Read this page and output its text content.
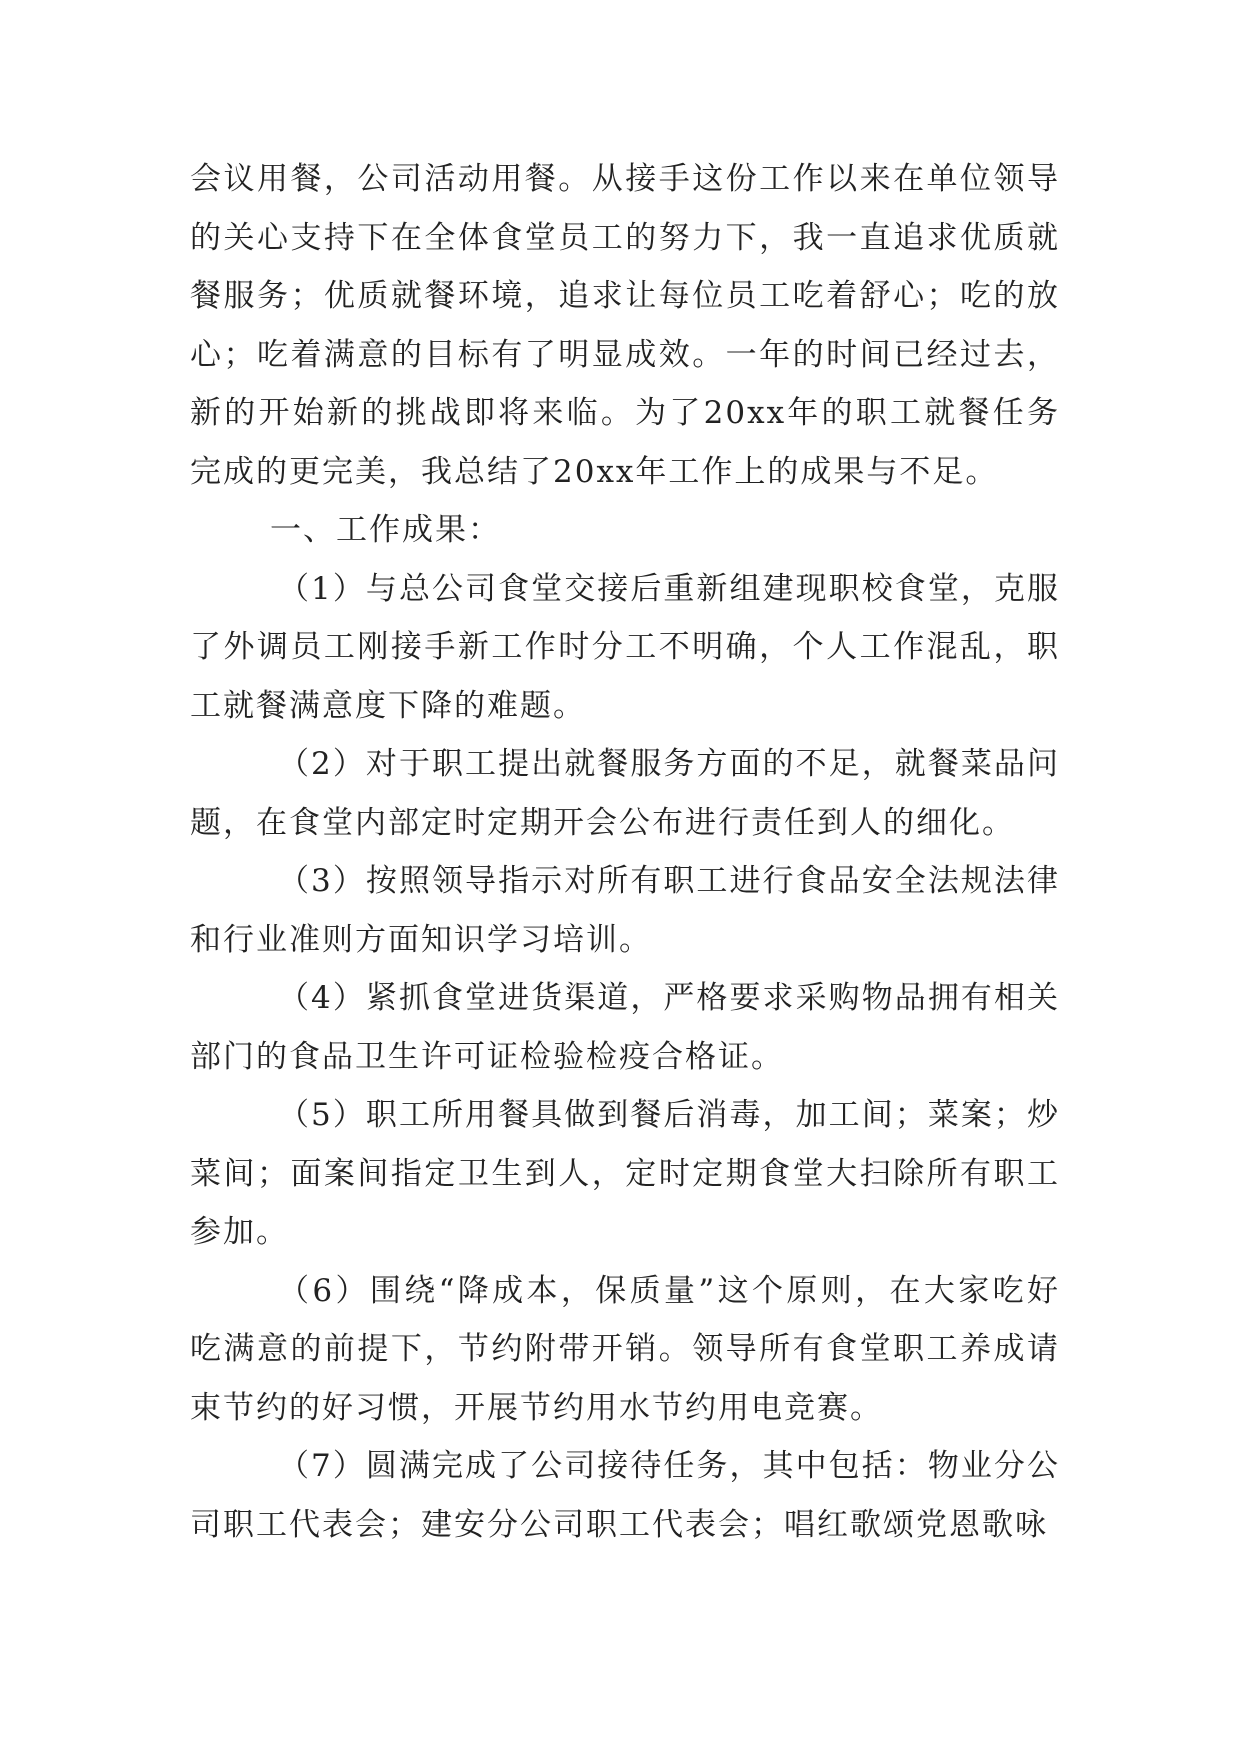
会议用餐，公司活动用餐。从接手这份工作以来在单位领导的关心支持下在全体食堂员工的努力下，我一直追求优质就餐服务；优质就餐环境，追求让每位员工吃着舒心；吃的放心；吃着满意的目标有了明显成效。一年的时间已经过去，新的开始新的挑战即将来临。为了20xx年的职工就餐任务完成的更完美，我总结了20xx年工作上的成果与不足。

一、工作成果：

（1）与总公司食堂交接后重新组建现职校食堂，克服了外调员工刚接手新工作时分工不明确，个人工作混乱，职工就餐满意度下降的难题。

（2）对于职工提出就餐服务方面的不足，就餐菜品问题，在食堂内部定时定期开会公布进行责任到人的细化。

（3）按照领导指示对所有职工进行食品安全法规法律和行业准则方面知识学习培训。

（4）紧抓食堂进货渠道，严格要求采购物品拥有相关部门的食品卫生许可证检验检疫合格证。

（5）职工所用餐具做到餐后消毒，加工间；菜案；炒菜间；面案间指定卫生到人，定时定期食堂大扫除所有职工参加。

（6）围绕“降成本，保质量”这个原则，在大家吃好吃满意的前提下，节约附带开销。领导所有食堂职工养成请束节约的好习惯，开展节约用水节约用电竞赛。

（7）圆满完成了公司接待任务，其中包括：物业分公司职工代表会；建安分公司职工代表会；唱红歌颂党恩歌咏
